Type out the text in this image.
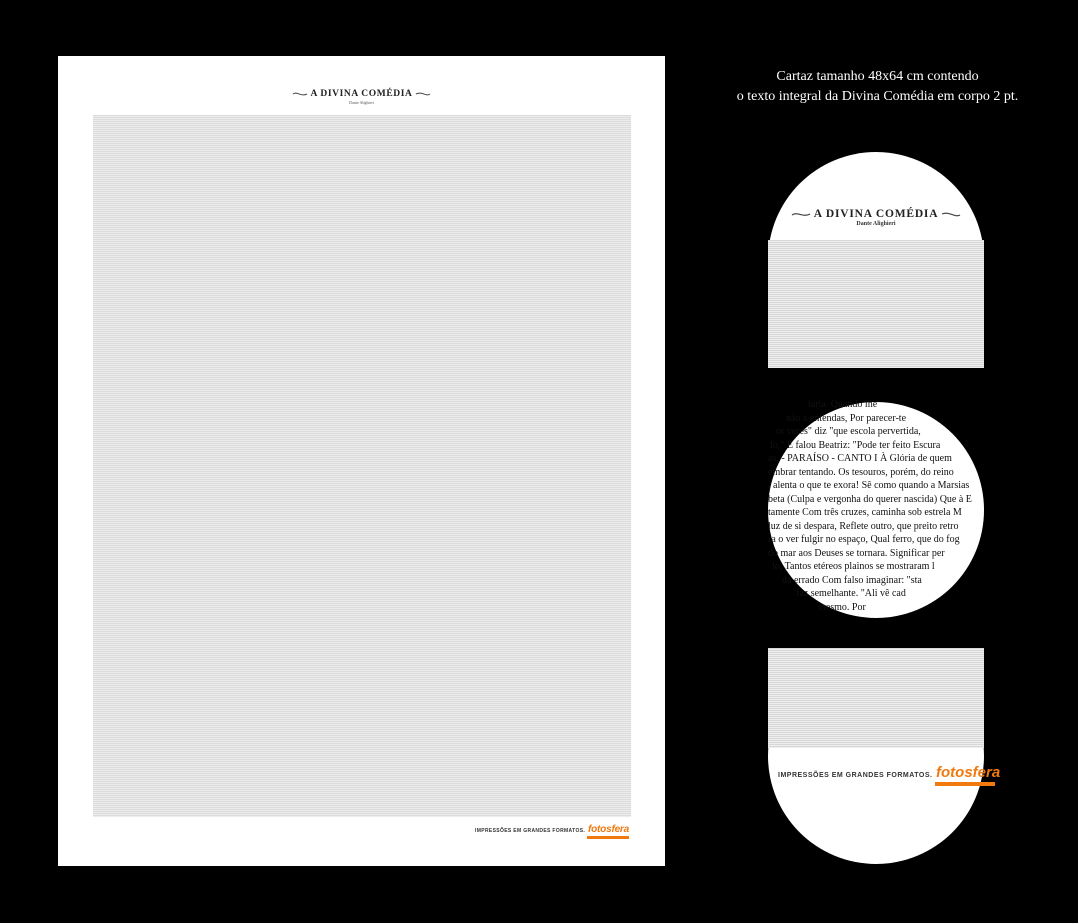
A DIVINA COMÉDIA
Dante Alighieri
IMPRESSÕES EM GRANDES FORMATOS. fotosfera
Cartaz tamanho 48x64 cm contendo
o texto integral da Divina Comédia em corpo 2 pt.
A DIVINA COMÉDIA
Dante Alighieri
iaria. Quando lhe
não a entendas, Por parecer-te
or veres" diz "que escola pervertida,
lo." E falou Beatriz: "Pode ter feito Escura
as. - PARAÍSO - CANTO I À Glória de quem
embrar tentando. Os tesouros, porém, do reino
, alenta o que te exora! Sê como quando a Marsias
beta (Culpa e vergonha do querer nascida) Que à E
tamente Com três cruzes, caminha sob estrela M
luz de si despara, Reflete outro, que preito retro
ra o ver fulgir no espaço, Qual ferro, que do fog
do mar aos Deuses se tornara. Significar per
lo, Tantos etéreos plainos se mostraram l
da errado Com falso imaginar: "sta
faz semelhante. "Ali vê cad
mesmo. Por
IMPRESSÕES EM GRANDES FORMATOS. fotosfera
